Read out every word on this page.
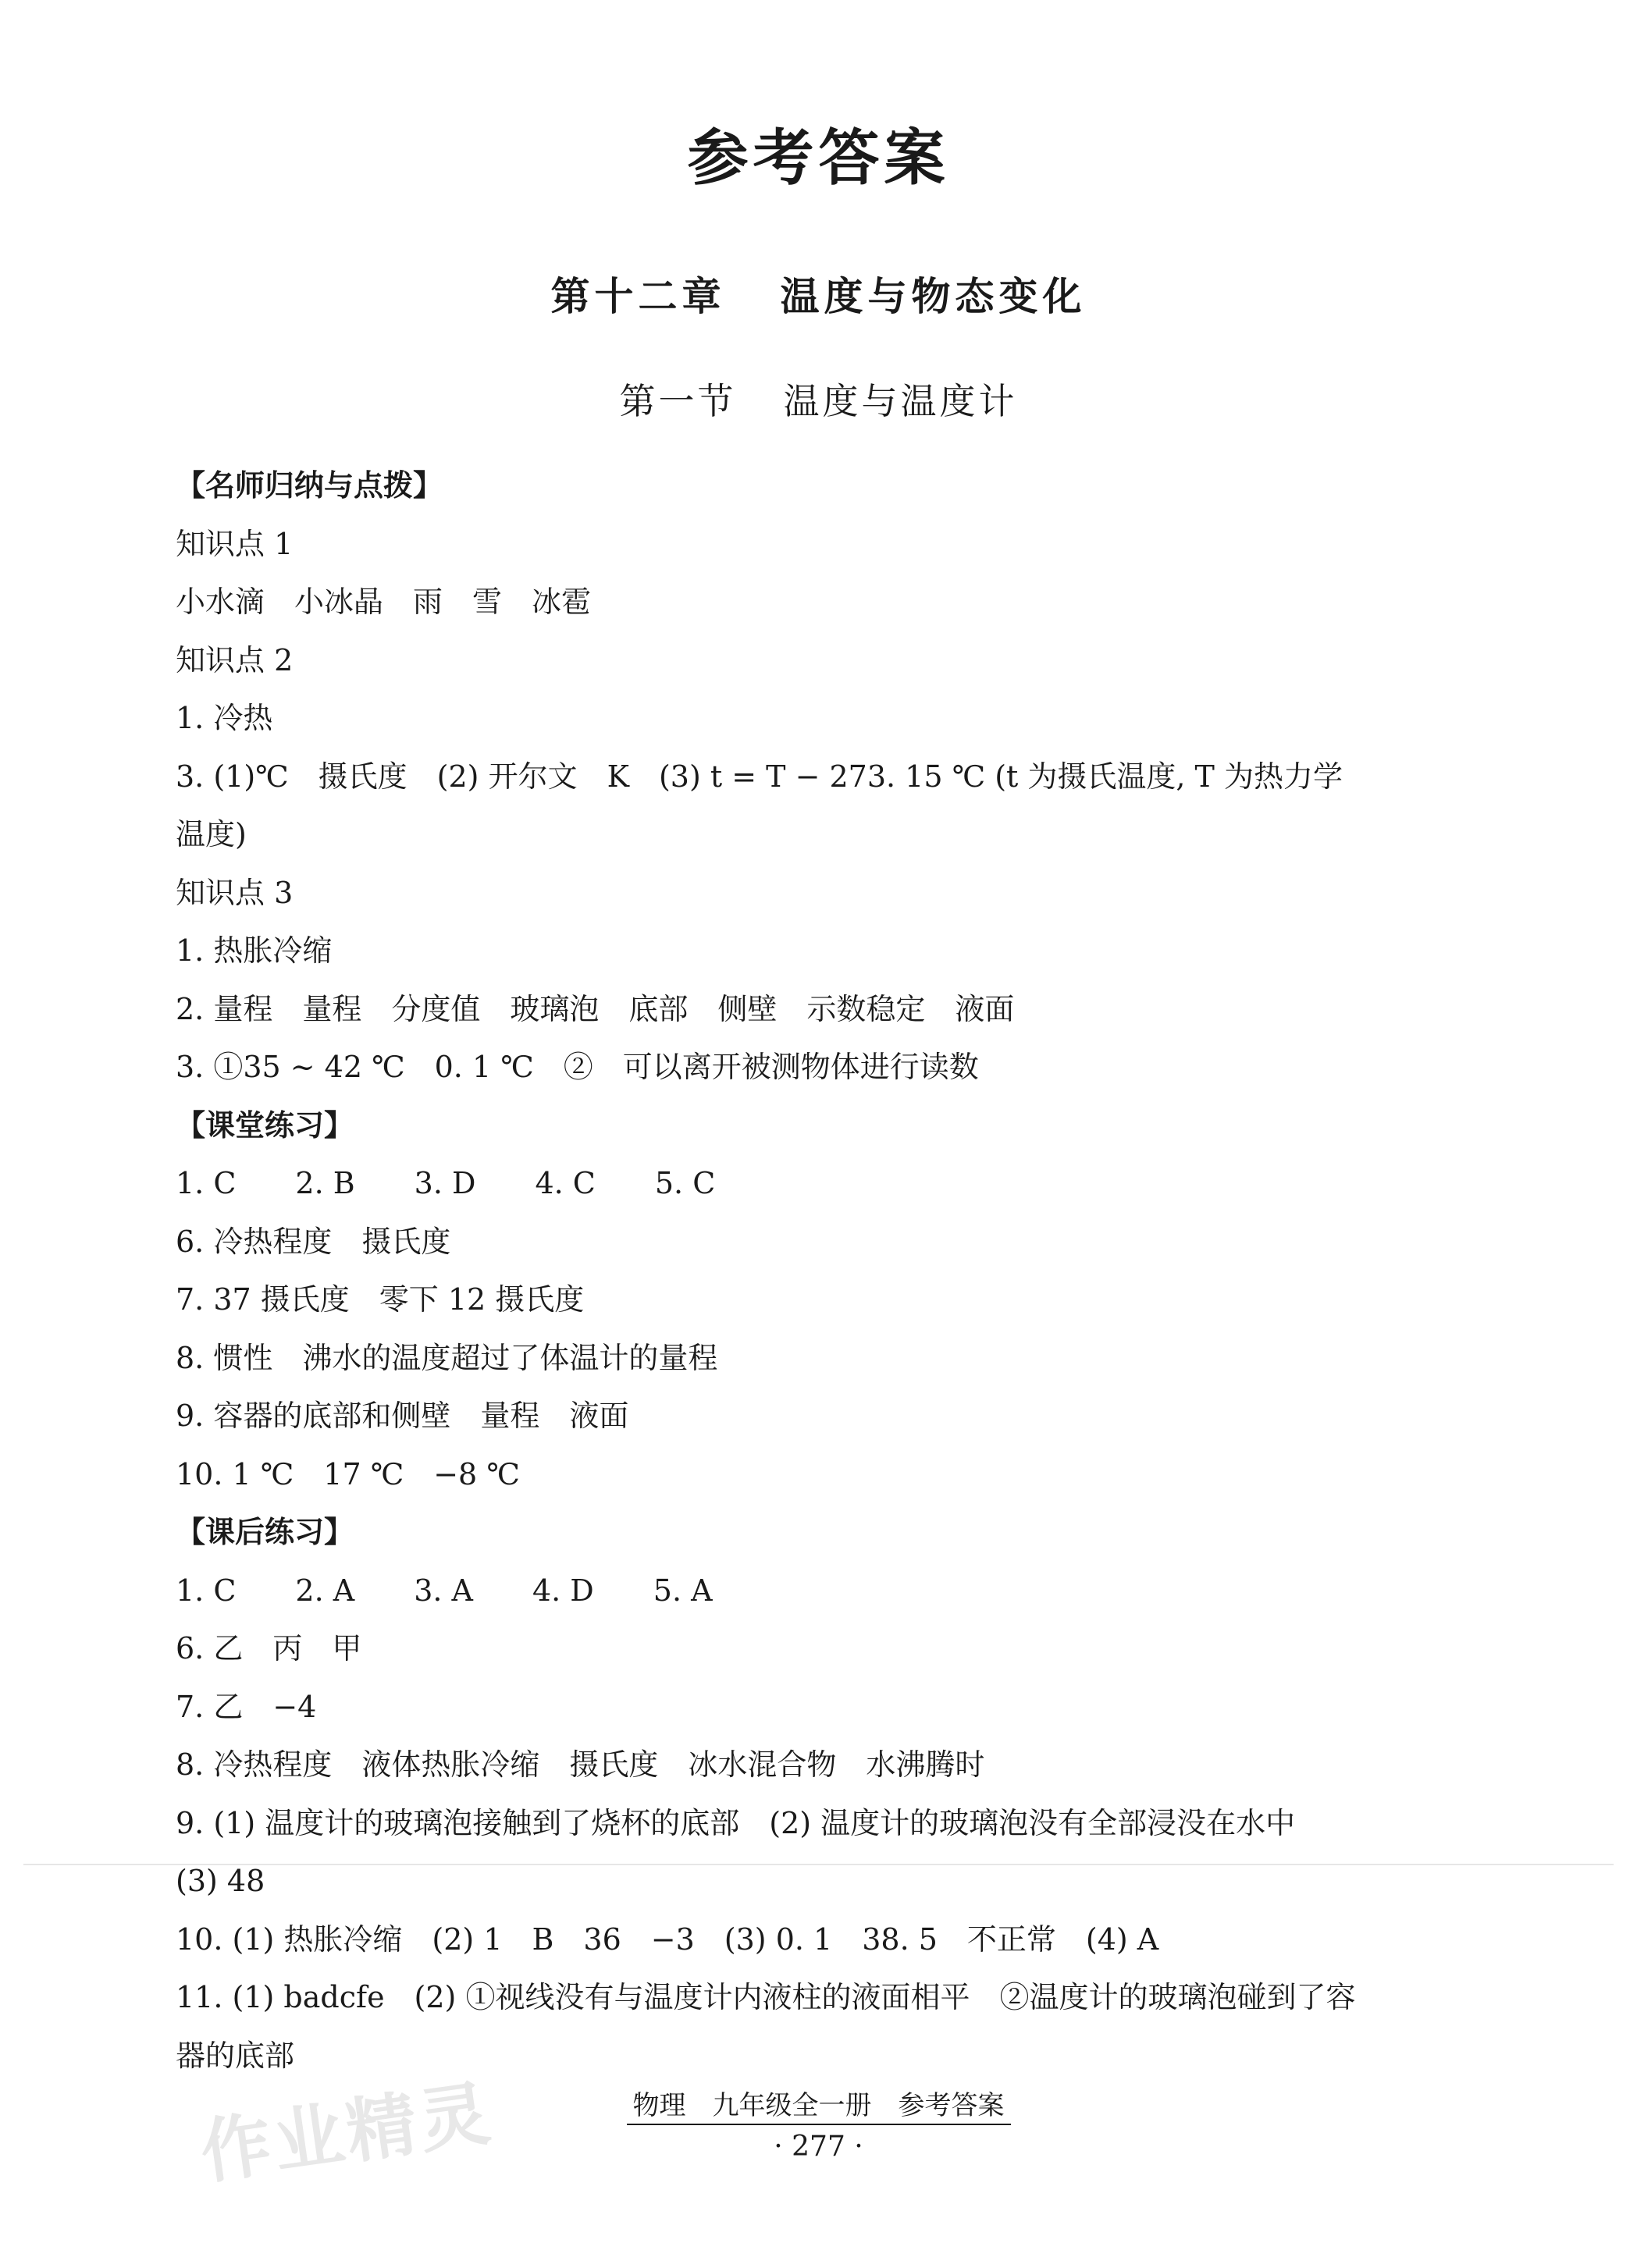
参考答案
第十二章 温度与物态变化
第一节 温度与温度计
【名师归纳与点拨】
知识点 1
小水滴　小冰晶　雨　雪　冰雹
知识点 2
1. 冷热
3. (1)℃　摄氏度　(2) 开尔文　K　(3) t = T − 273. 15 ℃ (t 为摄氏温度, T 为热力学
温度)
知识点 3
1. 热胀冷缩
2. 量程　量程　分度值　玻璃泡　底部　侧壁　示数稳定　液面
3. ①35 ~ 42 ℃　0. 1 ℃　②　可以离开被测物体进行读数
【课堂练习】
1. C　　2. B　　3. D　　4. C　　5. C
6. 冷热程度　摄氏度
7. 37 摄氏度　零下 12 摄氏度
8. 惯性　沸水的温度超过了体温计的量程
9. 容器的底部和侧壁　量程　液面
10. 1 ℃　17 ℃　−8 ℃
【课后练习】
1. C　　2. A　　3. A　　4. D　　5. A
6. 乙　丙　甲
7. 乙　−4
8. 冷热程度　液体热胀冷缩　摄氏度　冰水混合物　水沸腾时
9. (1) 温度计的玻璃泡接触到了烧杯的底部　(2) 温度计的玻璃泡没有全部浸没在水中
(3) 48
10. (1) 热胀冷缩　(2) 1　B　36　−3　(3) 0. 1　38. 5　不正常　(4) A
11. (1) badcfe　(2) ①视线没有与温度计内液柱的液面相平　②温度计的玻璃泡碰到了容
器的底部
物理　九年级全一册　参考答案
· 277 ·
作业精灵
